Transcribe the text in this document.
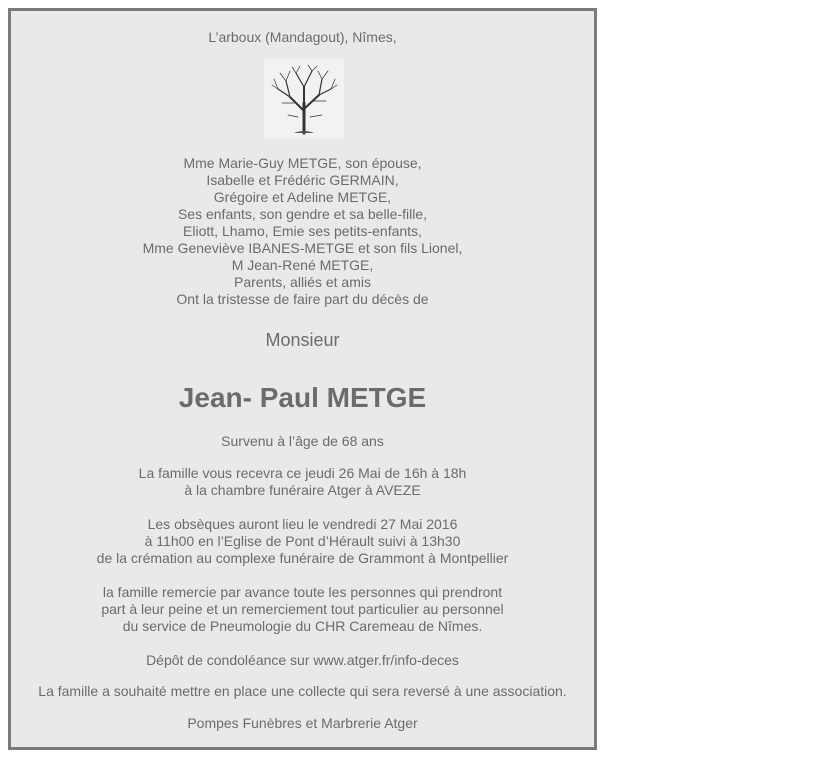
L’arboux (Mandagout), Nîmes,
Mme Marie-Guy METGE, son épouse,
Isabelle et Frédéric GERMAIN,
Grégoire et Adeline METGE,
Ses enfants, son gendre et sa belle-fille,
Eliott, Lhamo, Emie ses petits-enfants,
Mme Geneviève IBANES-METGE et son fils Lionel,
M Jean-René METGE,
Parents, alliés et amis
Ont la tristesse de faire part du décès de
Monsieur
Jean- Paul METGE
Survenu à l’âge de 68 ans
La famille vous recevra ce jeudi 26 Mai de 16h à 18h
à la chambre funéraire Atger à AVEZE
Les obsèques auront lieu le vendredi 27 Mai 2016
à 11h00 en l’Eglise de Pont d’Hérault suivi à 13h30
de la crémation au complexe funéraire de Grammont à Montpellier
la famille remercie par avance toute les personnes qui prendront
part à leur peine et un remerciement tout particulier au personnel
du service de Pneumologie du CHR Caremeau de Nîmes.
Dépôt de condoléance sur www.atger.fr/info-deces
La famille a souhaité mettre en place une collecte qui sera reversé à une association.
Pompes Funèbres et Marbrerie Atger
